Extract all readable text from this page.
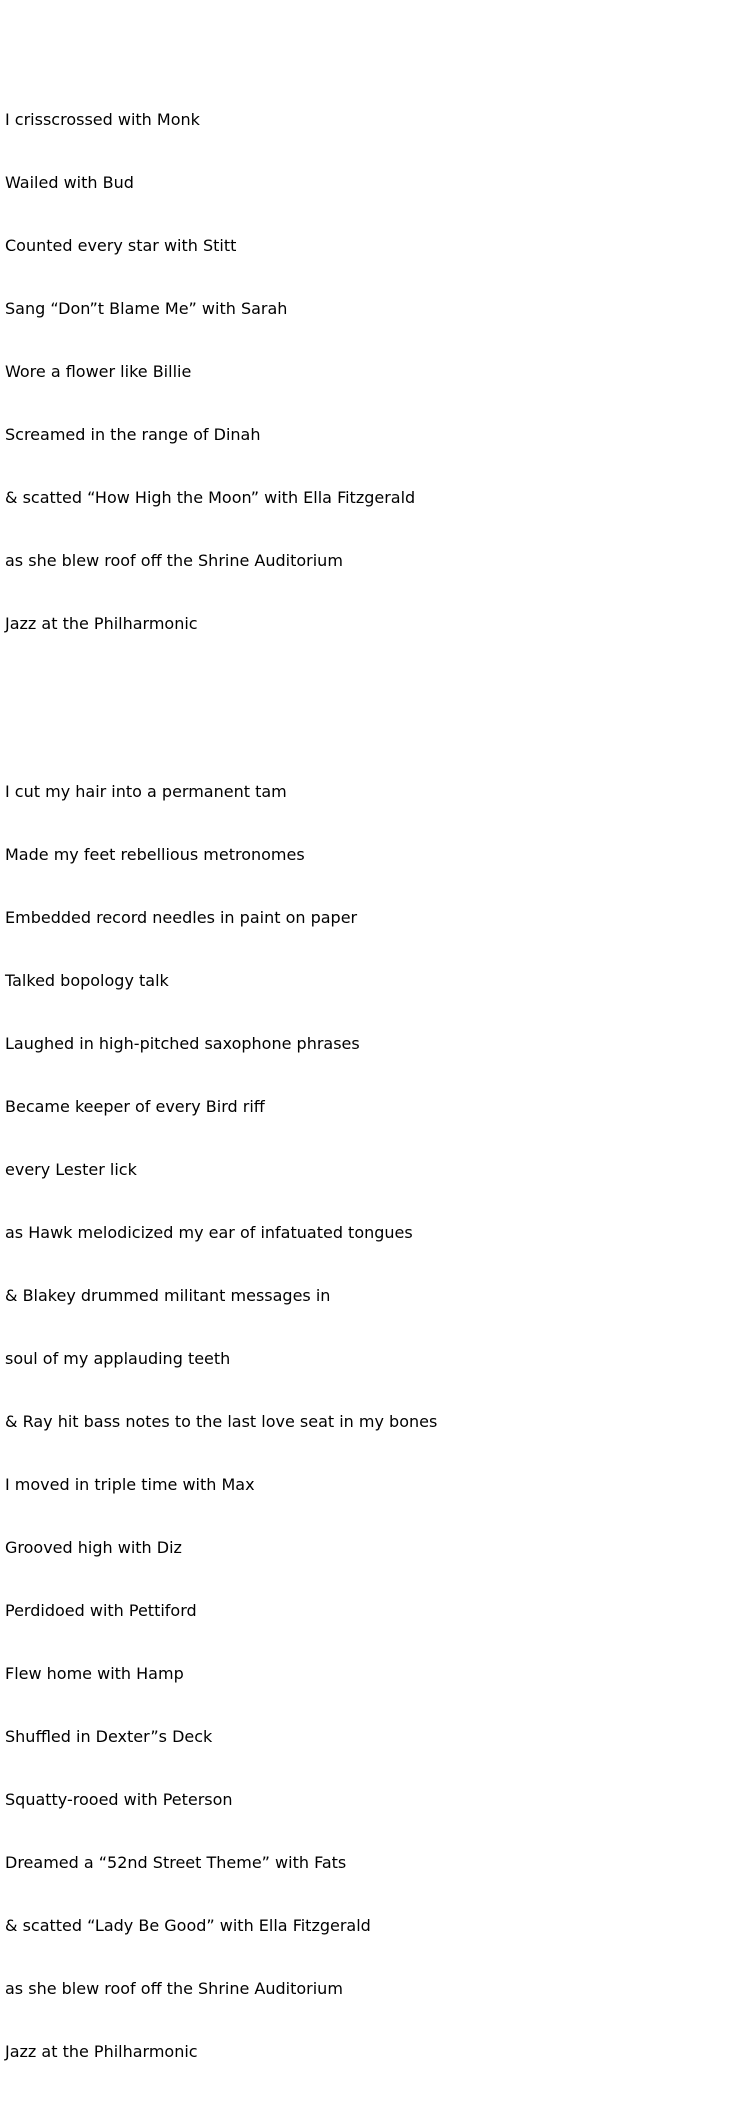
I crisscrossed with Monk

Wailed with Bud

Counted every star with Stitt

Sang “Don”t Blame Me” with Sarah

Wore a flower like Billie

Screamed in the range of Dinah

& scatted “How High the Moon” with Ella Fitzgerald

as she blew roof off the Shrine Auditorium

Jazz at the Philharmonic

I cut my hair into a permanent tam

Made my feet rebellious metronomes

Embedded record needles in paint on paper

Talked bopology talk

Laughed in high-pitched saxophone phrases

Became keeper of every Bird riff

every Lester lick

as Hawk melodicized my ear of infatuated tongues

& Blakey drummed militant messages in

soul of my applauding teeth

& Ray hit bass notes to the last love seat in my bones

I moved in triple time with Max

Grooved high with Diz

Perdidoed with Pettiford

Flew home with Hamp

Shuffled in Dexter”s Deck

Squatty-rooed with Peterson

Dreamed a “52nd Street Theme” with Fats

& scatted “Lady Be Good” with Ella Fitzgerald

as she blew roof off the Shrine Auditorium

Jazz at the Philharmonic
